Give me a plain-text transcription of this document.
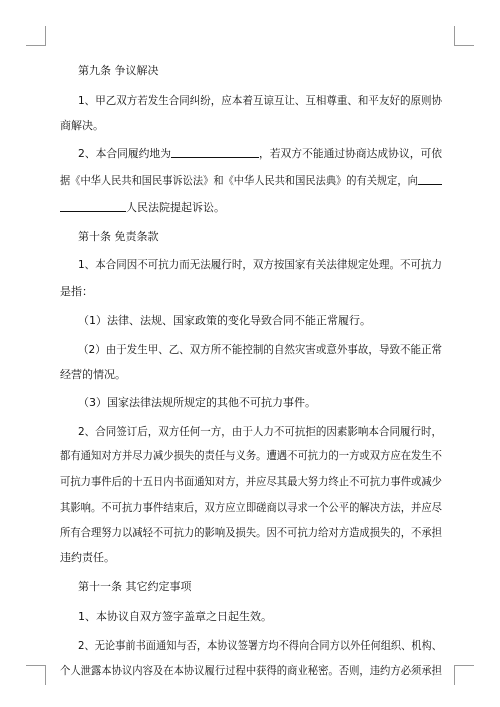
第九条 争议解决
1、甲乙双方若发生合同纠纷，应本着互谅互让、互相尊重、和平友好的原则协
商解决。
2、本合同履约地为	，若双方不能通过协商达成协议，可依
据《中华人民共和国民事诉讼法》和《中华人民共和国民法典》的有关规定，向
人民法院提起诉讼。
第十条 免责条款
1、本合同因不可抗力而无法履行时，双方按国家有关法律规定处理。不可抗力
是指：
（1）法律、法规、国家政策的变化导致合同不能正常履行。
（2）由于发生甲、乙、双方所不能控制的自然灾害或意外事故，导致不能正常
经营的情况。
（3）国家法律法规所规定的其他不可抗力事件。
2、合同签订后，双方任何一方，由于人力不可抗拒的因素影响本合同履行时，
都有通知对方并尽力减少损失的责任与义务。遭遇不可抗力的一方或双方应在发生不
可抗力事件后的十五日内书面通知对方，并应尽其最大努力终止不可抗力事件或减少
其影响。不可抗力事件结束后，双方应立即磋商以寻求一个公平的解决方法，并应尽
所有合理努力以减轻不可抗力的影响及损失。因不可抗力给对方造成损失的，不承担
违约责任。
第十一条 其它约定事项
1、本协议自双方签字盖章之日起生效。
2、无论事前书面通知与否，本协议签署方均不得向合同方以外任何组织、机构、
个人泄露本协议内容及在本协议履行过程中获得的商业秘密。否则，违约方必须承担
